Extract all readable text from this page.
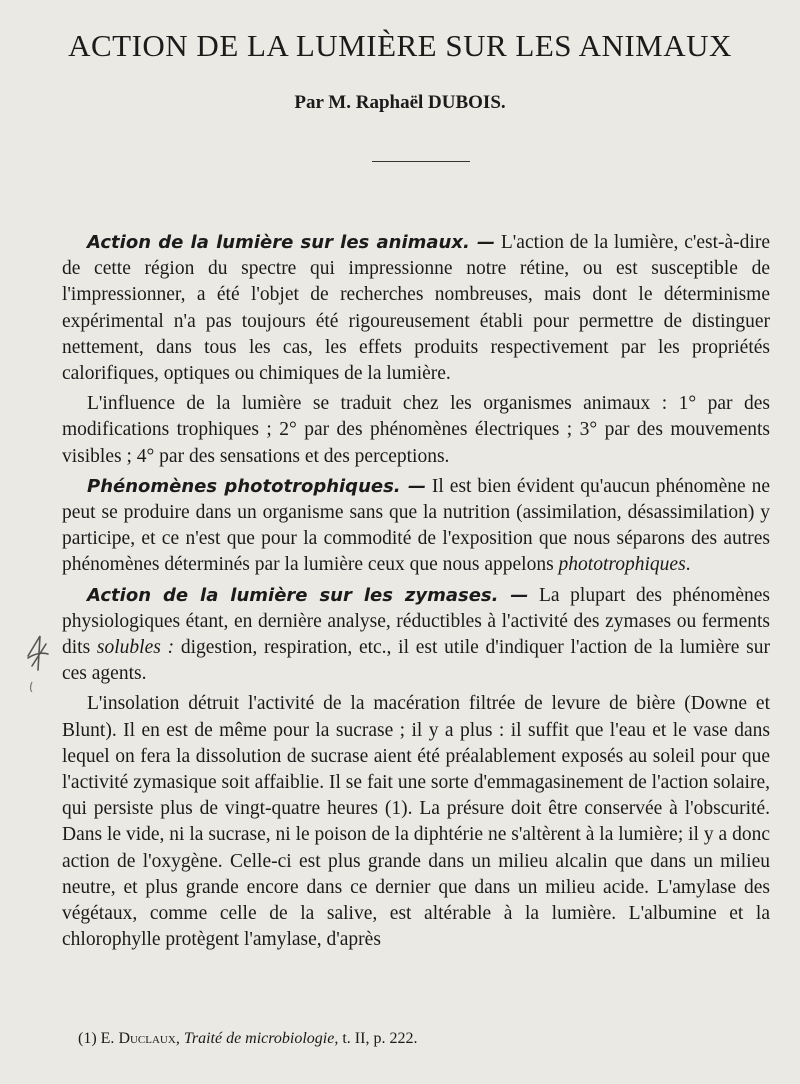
ACTION DE LA LUMIÈRE SUR LES ANIMAUX
Par M. Raphaël DUBOIS.

Action de la lumière sur les animaux. — L'action de la lumière, c'est-à-dire de cette région du spectre qui impressionne notre rétine, ou est susceptible de l'impressionner, a été l'objet de recherches nombreuses, mais dont le déterminisme expérimental n'a pas toujours été rigoureusement établi pour permettre de distinguer nettement, dans tous les cas, les effets produits respectivement par les propriétés calorifiques, optiques ou chimiques de la lumière.

L'influence de la lumière se traduit chez les organismes animaux : 1° par des modifications trophiques ; 2° par des phénomènes électriques ; 3° par des mouvements visibles ; 4° par des sensations et des perceptions.

Phénomènes phototrophiques. — Il est bien évident qu'aucun phénomène ne peut se produire dans un organisme sans que la nutrition (assimilation, désassimilation) y participe, et ce n'est que pour la commodité de l'exposition que nous séparons des autres phénomènes déterminés par la lumière ceux que nous appelons phototrophiques.

Action de la lumière sur les zymases. — La plupart des phénomènes physiologiques étant, en dernière analyse, réductibles à l'activité des zymases ou ferments dits solubles : digestion, respiration, etc., il est utile d'indiquer l'action de la lumière sur ces agents.

L'insolation détruit l'activité de la macération filtrée de levure de bière (Downe et Blunt). Il en est de même pour la sucrase ; il y a plus : il suffit que l'eau et le vase dans lequel on fera la dissolution de sucrase aient été préalablement exposés au soleil pour que l'activité zymasique soit affaiblie. Il se fait une sorte d'emmagasinement de l'action solaire, qui persiste plus de vingt-quatre heures (1). La présure doit être conservée à l'obscurité. Dans le vide, ni la sucrase, ni le poison de la diphtérie ne s'altèrent à la lumière; il y a donc action de l'oxygène. Celle-ci est plus grande dans un milieu alcalin que dans un milieu neutre, et plus grande encore dans ce dernier que dans un milieu acide. L'amylase des végétaux, comme celle de la salive, est altérable à la lumière. L'albumine et la chlorophylle protègent l'amylase, d'après

(1) E. Duclaux, Traité de microbiologie, t. II, p. 222.
